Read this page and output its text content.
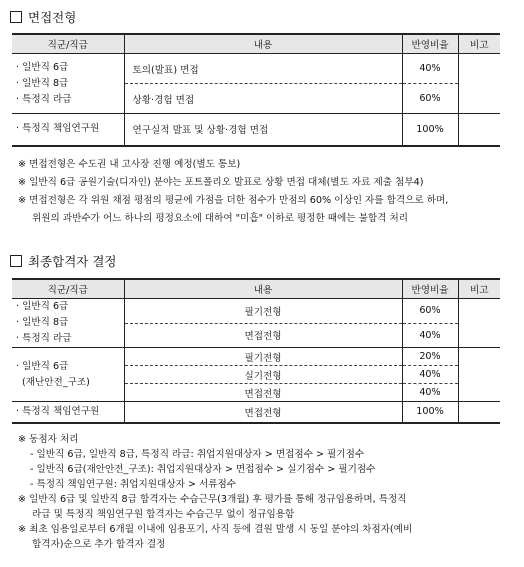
면접전형
직군/직급	내용	반영비율	비고

· 일반직 6급
· 일반직 8급
· 특정직 라급	토의(발표) 면접	40%	
	상황·경험 면접	60%	
· 특정직 책임연구원	연구실적 발표 및 상황·경험 면접	100%	
※ 면접전형은 수도권 내 고사장 진행 예정(별도 통보)
※ 일반직 6급 공원기술(디자인) 분야는 포트폴리오 발표로 상황 면접 대체(별도 자료 제출 첨부4)
※ 면접전형은 각 위원 채점 평점의 평균에 가점을 더한 점수가 만점의 60% 이상인 자를 합격으로 하며,
위원의 과반수가 어느 하나의 평정요소에 대하여 "미흡" 이하로 평정한 때에는 불합격 처리
최종합격자 결정
직군/직급	내용	반영비율	비고

· 일반직 6급
· 일반직 8급
· 특정직 라급	필기전형	60%	
	면접전형	40%	

· 일반직 6급
(재난안전_구조)	필기전형	20%	
	실기전형	40%	
	면접전형	40%	
· 특정직 책임연구원	면접전형	100%	
※ 동점자 처리
- 일반직 6급, 일반직 8급, 특정직 라급: 취업지원대상자 > 면접점수 > 필기점수
- 일반직 6급(재안안전_구조): 취업지원대상자 > 면접점수 > 실기점수 > 필기점수
- 특정직 책임연구원: 취업지원대상자 > 서류점수
※ 일반직 6급 및 일반직 8급 합격자는 수습근무(3개월) 후 평가를 통해 정규임용하며, 특정직
라급 및 특정직 책임연구원 합격자는 수습근무 없이 정규임용함
※ 최초 임용일로부터 6개월 이내에 임용포기, 사직 등에 결원 발생 시 동일 분야의 차점자(예비
합격자)순으로 추가 합격자 결정
